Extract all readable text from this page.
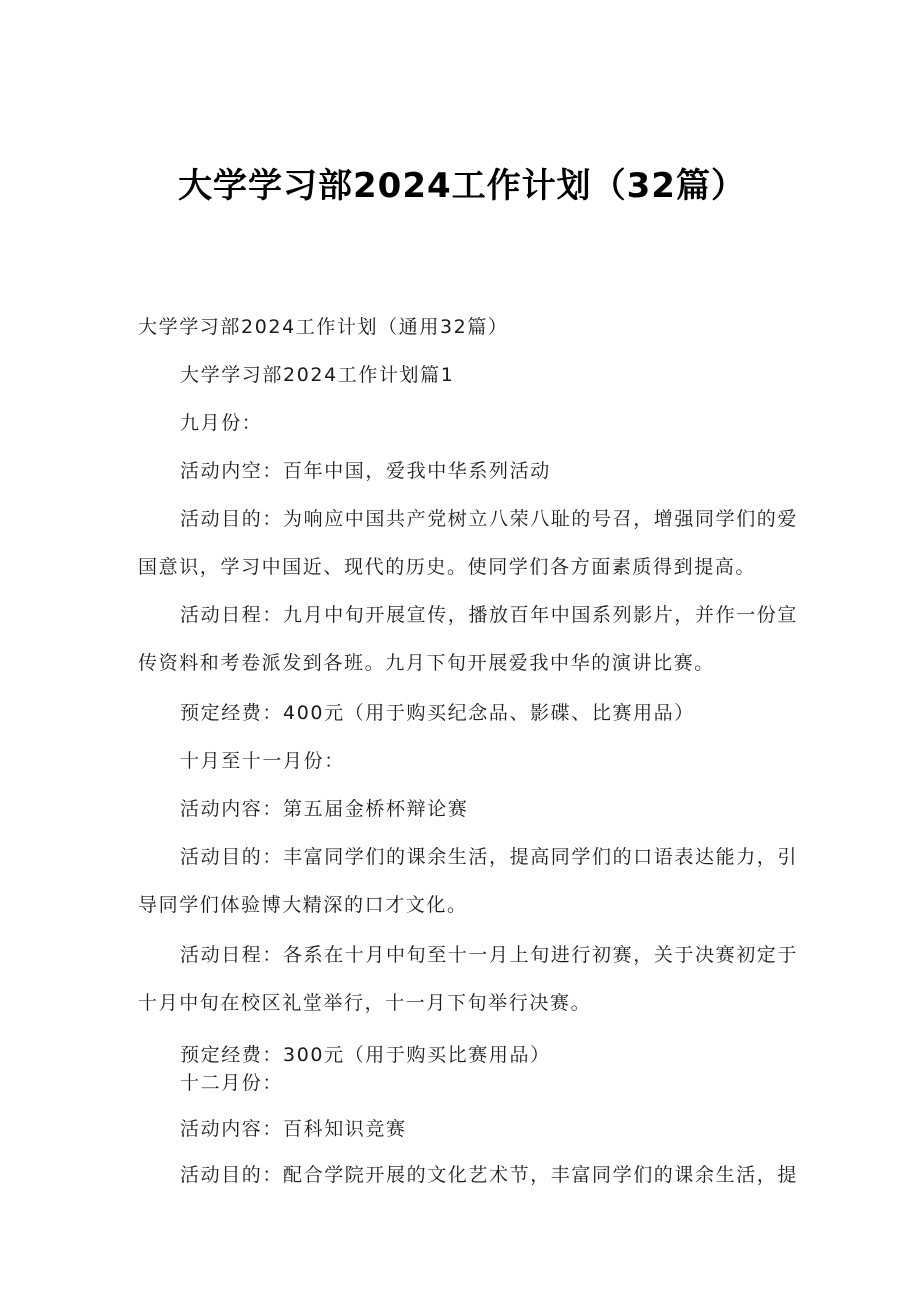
大学学习部2024工作计划（32篇）
大学学习部2024工作计划（通用32篇）
大学学习部2024工作计划篇1
九月份：
活动内空：百年中国，爱我中华系列活动
活动目的：为响应中国共产党树立八荣八耻的号召，增强同学们的爱
国意识，学习中国近、现代的历史。使同学们各方面素质得到提高。
活动日程：九月中旬开展宣传，播放百年中国系列影片，并作一份宣
传资料和考卷派发到各班。九月下旬开展爱我中华的演讲比赛。
预定经费：400元（用于购买纪念品、影碟、比赛用品）
十月至十一月份：
活动内容：第五届金桥杯辩论赛
活动目的：丰富同学们的课余生活，提高同学们的口语表达能力，引
导同学们体验博大精深的口才文化。
活动日程：各系在十月中旬至十一月上旬进行初赛，关于决赛初定于
十月中旬在校区礼堂举行，十一月下旬举行决赛。
预定经费：300元（用于购买比赛用品）
十二月份：
活动内容：百科知识竞赛
活动目的：配合学院开展的文化艺术节，丰富同学们的课余生活，提
